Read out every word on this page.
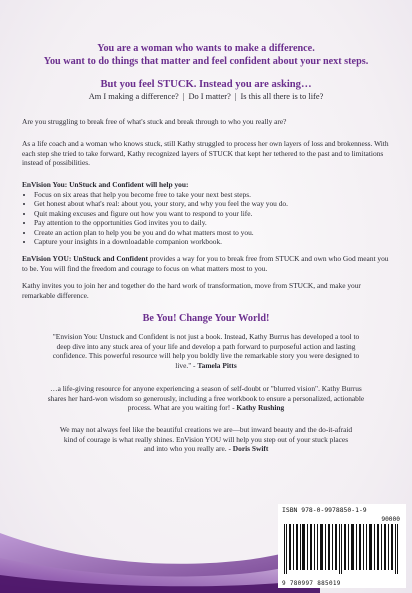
You are a woman who wants to make a difference.
You want to do things that matter and feel confident about your next steps.
But you feel STUCK. Instead you are asking…
Am I making a difference? | Do I matter? | Is this all there is to life?
Are you struggling to break free of what's stuck and break through to who you really are?
As a life coach and a woman who knows stuck, still Kathy struggled to process her own layers of loss and brokenness. With each step she tried to take forward, Kathy recognized layers of STUCK that kept her tethered to the past and to limitations instead of possibilities.
EnVision You: UnStuck and Confident will help you:
• Focus on six areas that help you become free to take your next best steps.
• Get honest about what's real: about you, your story, and why you feel the way you do.
• Quit making excuses and figure out how you want to respond to your life.
• Pay attention to the opportunities God invites you to daily.
• Create an action plan to help you be you and do what matters most to you.
• Capture your insights in a downloadable companion workbook.
EnVision YOU: UnStuck and Confident provides a way for you to break free from STUCK and own who God meant you to be. You will find the freedom and courage to focus on what matters most to you.
Kathy invites you to join her and together do the hard work of transformation, move from STUCK, and make your remarkable difference.
Be You! Change Your World!
"Envision You: Unstuck and Confident is not just a book. Instead, Kathy Burrus has developed a tool to deep dive into any stuck area of your life and develop a path forward to purposeful action and lasting confidence. This powerful resource will help you boldly live the remarkable story you were designed to live." - Tamela Pitts
…a life-giving resource for anyone experiencing a season of self-doubt or "blurred vision". Kathy Burrus shares her hard-won wisdom so generously, including a free workbook to ensure a personalized, actionable process. What are you waiting for! - Kathy Rushing
We may not always feel like the beautiful creations we are—but inward beauty and the do-it-afraid kind of courage is what really shines. EnVision YOU will help you step out of your stuck places and into who you really are. - Doris Swift
ISBN 978-0-9978850-1-9
90000
9 780997 885019
